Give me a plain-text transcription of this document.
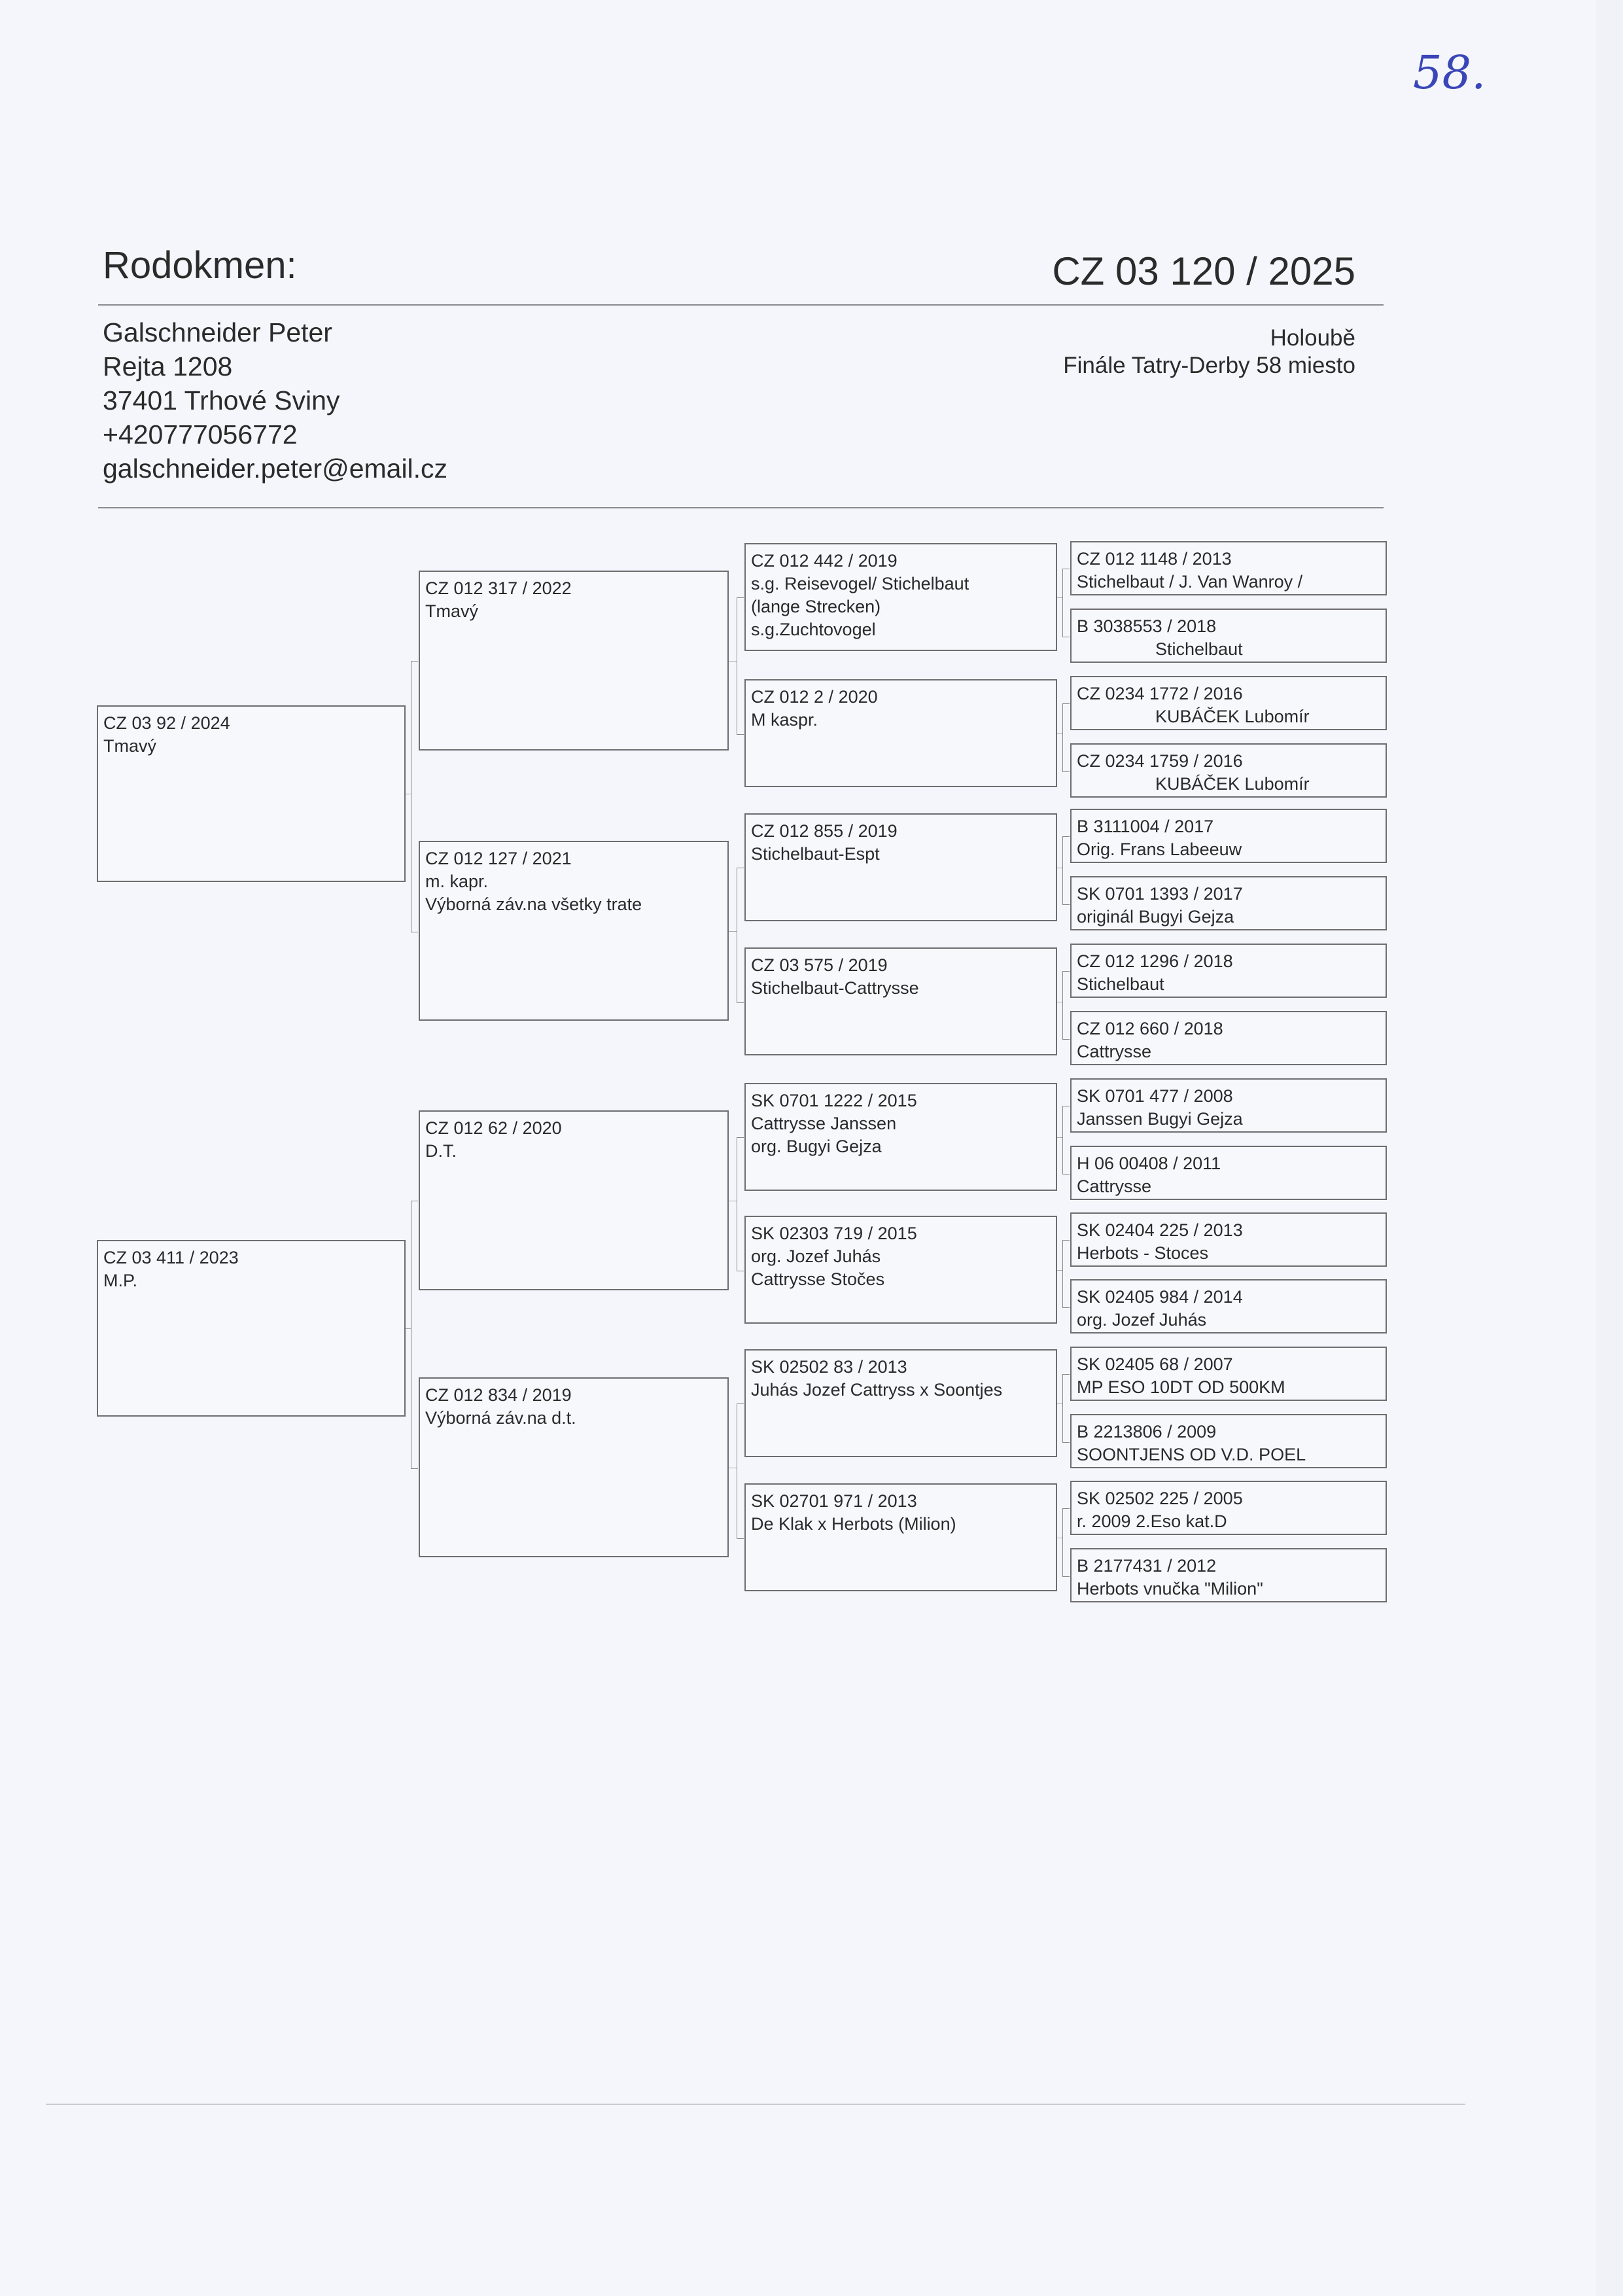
58.
Rodokmen:	CZ 03 120 / 2025
Galschneider Peter
Rejta 1208
37401 Trhové Sviny
+420777056772
galschneider.peter@email.cz
Holoubě
Finále Tatry-Derby 58 miesto
CZ 03 92 / 2024
Tmavý
CZ 03 411 / 2023
M.P.
CZ 012 317 / 2022
Tmavý
CZ 012 127 / 2021
m. kapr.
Výborná záv.na všetky trate
CZ 012 62 / 2020
D.T.
CZ 012 834 / 2019
Výborná záv.na d.t.
CZ 012 442 / 2019
s.g. Reisevogel/ Stichelbaut
(lange Strecken)
s.g.Zuchtovogel
CZ 012 2 / 2020
M kaspr.
CZ 012 855 / 2019
Stichelbaut-Espt
CZ 03 575 / 2019
Stichelbaut-Cattrysse
SK 0701 1222 / 2015
Cattrysse Janssen
org. Bugyi Gejza
SK 02303 719 / 2015
org. Jozef Juhás
Cattrysse Stočes
SK 02502 83 / 2013
Juhás Jozef Cattryss x Soontjes
SK 02701 971 / 2013
De Klak x Herbots (Milion)
CZ 012 1148 / 2013
Stichelbaut / J. Van Wanroy /
B 3038553 / 2018
Stichelbaut
CZ 0234 1772 / 2016
KUBÁČEK Lubomír
CZ 0234 1759 / 2016
KUBÁČEK Lubomír
B 3111004 / 2017
Orig. Frans Labeeuw
SK 0701 1393 / 2017
originál Bugyi Gejza
CZ 012 1296 / 2018
Stichelbaut
CZ 012 660 / 2018
Cattrysse
SK 0701 477 / 2008
Janssen Bugyi Gejza
H 06 00408 / 2011
Cattrysse
SK 02404 225 / 2013
Herbots - Stoces
SK 02405 984 / 2014
org. Jozef Juhás
SK 02405 68 / 2007
MP ESO 10DT OD 500KM
B 2213806 / 2009
SOONTJENS OD V.D. POEL
SK 02502 225 / 2005
r. 2009 2.Eso kat.D
B 2177431 / 2012
Herbots vnučka "Milion"
